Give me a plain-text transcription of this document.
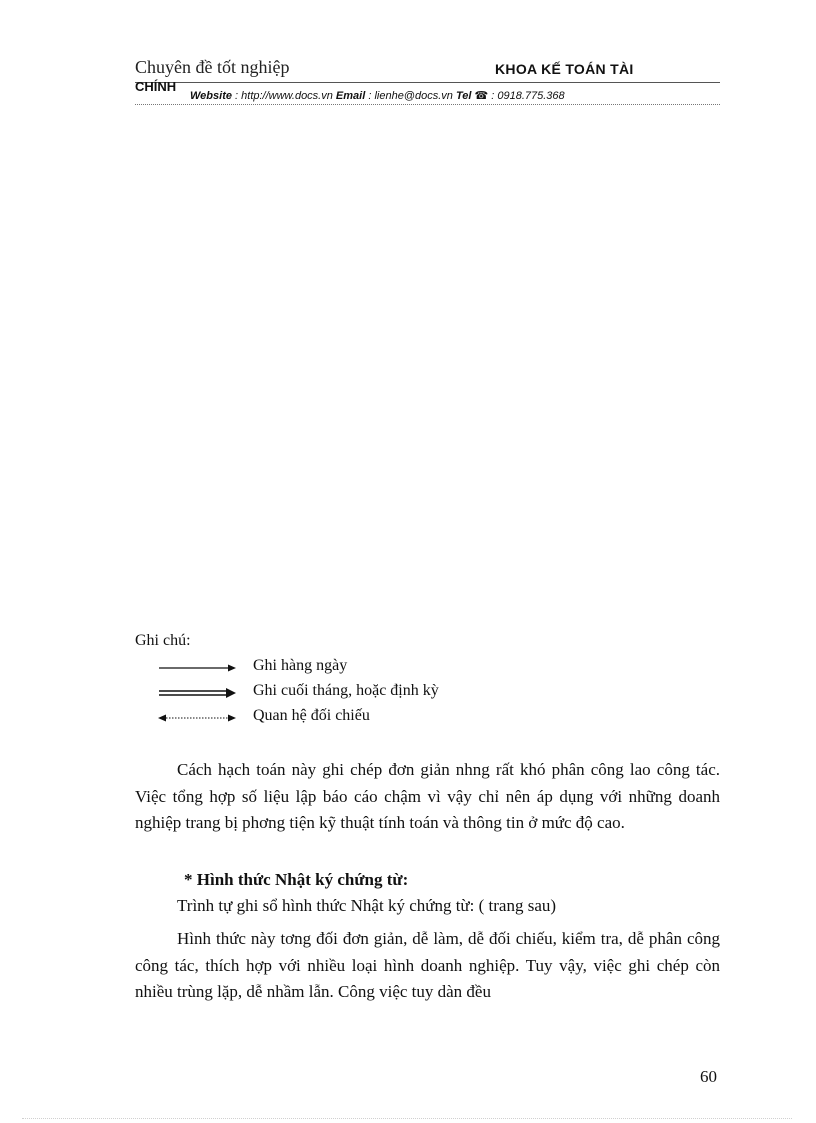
Chuyên đề tốt nghiệp	KHOA KẾ TOÁN TÀI
CHÍNH
Website : http://www.docs.vn Email : lienhe@docs.vn Tel ☎ : 0918.775.368
Ghi chú:
Ghi hàng ngày
Ghi cuối tháng, hoặc định kỳ
Quan hệ đối chiếu

Cách hạch toán này ghi chép đơn giản nhng rất khó phân công lao công tác. Việc tổng hợp số liệu lập báo cáo chậm vì vậy chỉ nên áp dụng với những doanh nghiệp trang bị phơng tiện kỹ thuật tính toán và thông tin ở mức độ cao.

* Hình thức Nhật ký chứng từ:
Trình tự ghi sổ hình thức Nhật ký chứng từ: ( trang sau)

Hình thức này tơng đối đơn giản, dễ làm, dễ đối chiếu, kiểm tra, dễ phân công công tác, thích hợp với nhiều loại hình doanh nghiệp. Tuy vậy, việc ghi chép còn nhiều trùng lặp, dễ nhầm lẫn. Công việc tuy dàn đều

60
